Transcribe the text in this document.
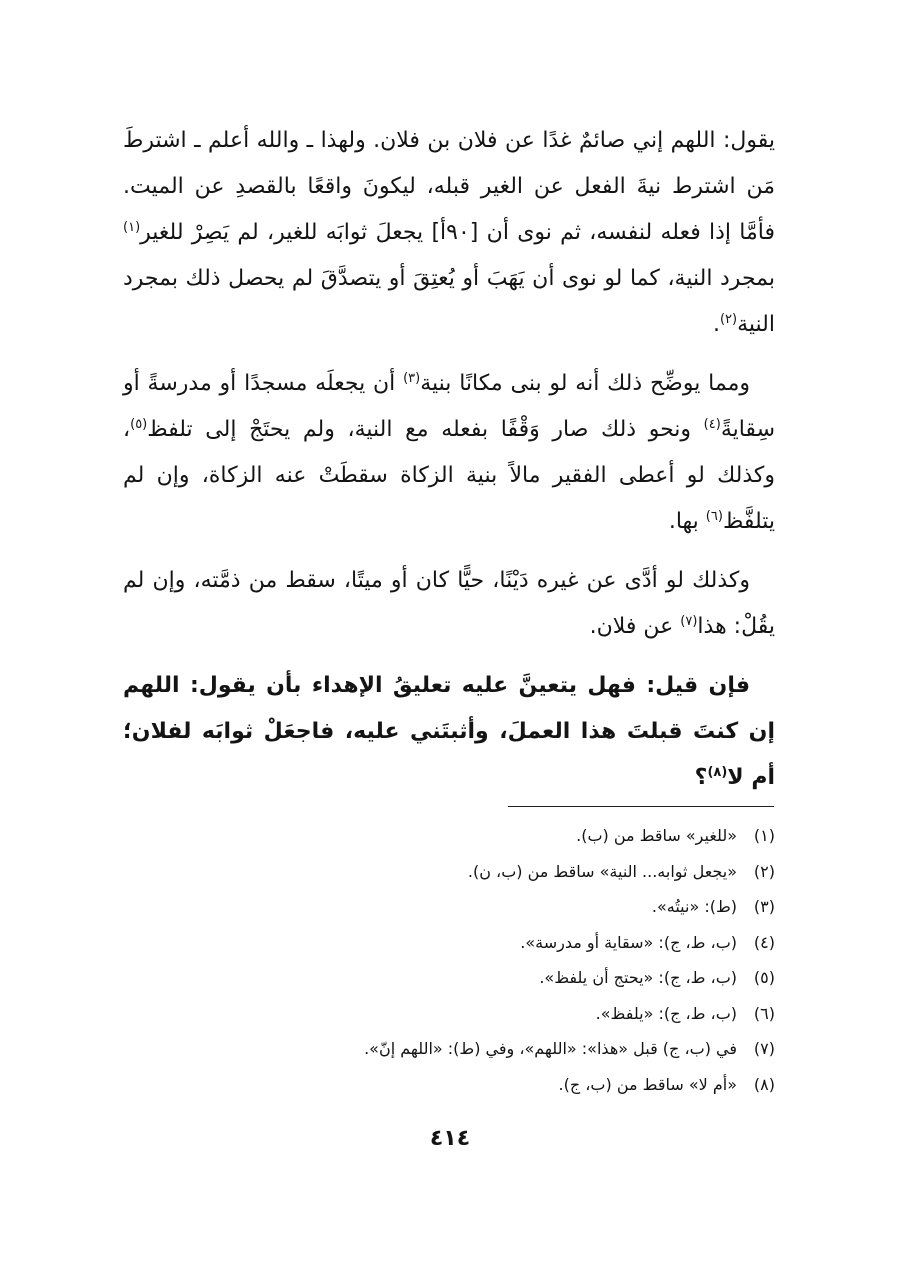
يقول: اللهم إني صائمٌ غدًا عن فلان بن فلان. ولهذا ـ والله أعلم ـ اشترطَ مَن اشترط نيةَ الفعل عن الغير قبله، ليكونَ واقعًا بالقصدِ عن الميت. فأمَّا إذا فعله لنفسه، ثم نوى أن [٩٠أ] يجعلَ ثوابَه للغير، لم يَصِرْ للغير$^{(١)}$ بمجرد النية، كما لو نوى أن يَهَبَ أو يُعتِقَ أو يتصدَّقَ لم يحصل ذلك بمجرد النية$^{(٢)}$.

ومما يوضِّح ذلك أنه لو بنى مكانًا بنية$^{(٣)}$ أن يجعلَه مسجدًا أو مدرسةً أو سِقايةً$^{(٤)}$ ونحو ذلك صار وَقْفًا بفعله مع النية، ولم يحتَجْ إلى تلفظ$^{(٥)}$، وكذلك لو أعطى الفقير مالاً بنية الزكاة سقطَتْ عنه الزكاة، وإن لم يتلفَّظ$^{(٦)}$ بها.

وكذلك لو أدَّى عن غيره دَيْنًا، حيًّا كان أو ميتًا، سقط من ذمَّته، وإن لم يقُلْ: هذا$^{(٧)}$ عن فلان.

فإن قيل: فهل يتعينَّ عليه تعليقُ الإهداء بأن يقول: اللهم إن كنتَ قبلتَ هذا العملَ، وأثبتَني عليه، فاجعَلْ ثوابَه لفلان؛ أم لا$^{(٨)}$؟

(١)«للغير» ساقط من (ب).
(٢)«يجعل ثوابه... النية» ساقط من (ب، ن).
(٣)(ط): «نيتُه».
(٤)(ب، ط، ج): «سقاية أو مدرسة».
(٥)(ب، ط، ج): «يحتج أن يلفظ».
(٦)(ب، ط، ج): «يلفظ».
(٧)في (ب، ج) قبل «هذا»: «اللهم»، وفي (ط): «اللهم إنّ».
(٨)«أم لا» ساقط من (ب، ج).
٤١٤
